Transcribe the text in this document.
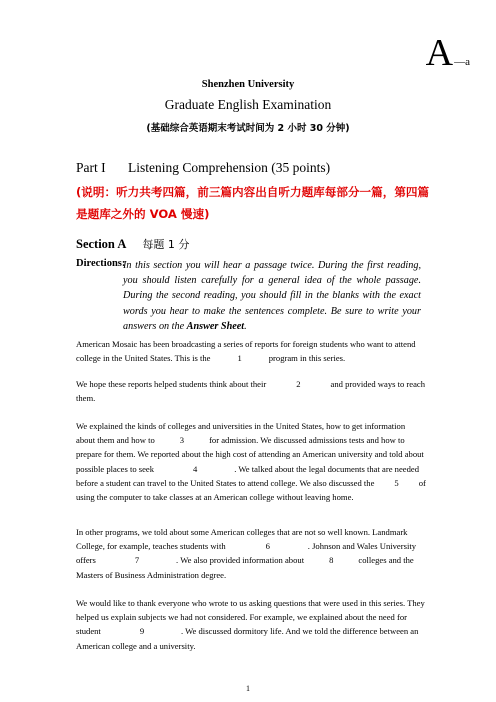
A—a
Shenzhen University
Graduate English Examination
(基础综合英语期末考试时间为 2 小时 30 分钟)
Part I Listening Comprehension (35 points)
(说明：听力共考四篇，前三篇内容出自听力题库每部分一篇，第四篇是题库之外的 VOA 慢速)
Section A 每题 1 分
Directions:
In this section you will hear a passage twice. During the first reading, you should listen carefully for a general idea of the whole passage. During the second reading, you should fill in the blanks with the exact words you hear to make the sentences complete. Be sure to write your answers on the Answer Sheet.
American Mosaic has been broadcasting a series of reports for foreign students who want to attend college in the United States. This is the	1	program in this series.
We hope these reports helped students think about their	2	and provided ways to reach them.
We explained the kinds of colleges and universities in the United States, how to get information about them and how to	3	for admission. We discussed admissions tests and how to prepare for them. We reported about the high cost of attending an American university and told about possible places to seek	4	. We talked about the legal documents that are needed before a student can travel to the United States to attend college. We also discussed the 5 of using the computer to take classes at an American college without leaving home.
In other programs, we told about some American colleges that are not so well known. Landmark College, for example, teaches students with	6	. Johnson and Wales University offers	7	. We also provided information about	8	colleges and the Masters of Business Administration degree.
We would like to thank everyone who wrote to us asking questions that were used in this series. They helped us explain subjects we had not considered. For example, we explained about the need for student	9	. We discussed dormitory life. And we told the difference between an American college and a university.
1
